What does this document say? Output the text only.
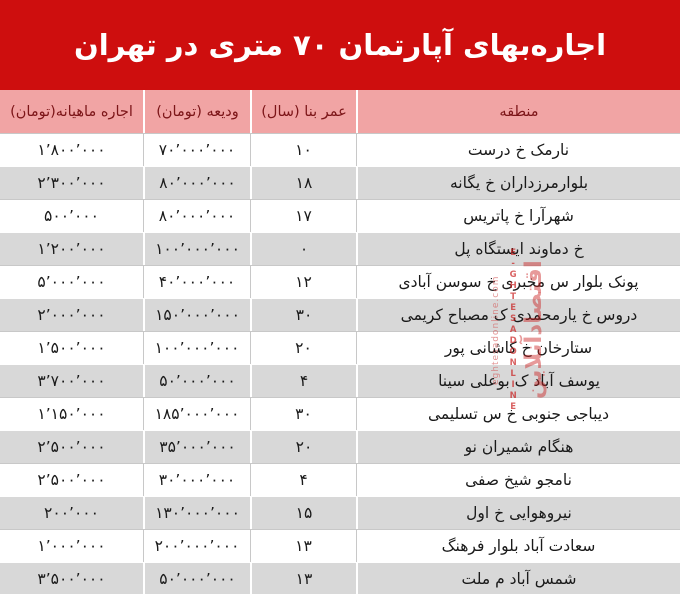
اجاره‌بهای آپارتمان ۷۰ متری در تهران
منطقه	عمر بنا (سال)	ودیعه (تومان)	اجاره ماهیانه(تومان)
نارمک خ درست	۱۰	۷۰٬۰۰۰٬۰۰۰	۱٬۸۰۰٬۰۰۰
بلوارمرزداران خ یگانه	۱۸	۸۰٬۰۰۰٬۰۰۰	۲٬۳۰۰٬۰۰۰
شهرآرا خ پاتریس	۱۷	۸۰٬۰۰۰٬۰۰۰	۵۰۰٬۰۰۰
خ دماوند ایستگاه پل	۰	۱۰۰٬۰۰۰٬۰۰۰	۱٬۲۰۰٬۰۰۰
پونک بلوار س مخبری خ سوسن آبادی	۱۲	۴۰٬۰۰۰٬۰۰۰	۵٬۰۰۰٬۰۰۰
دروس خ یارمحمدی ک مصباح کریمی	۳۰	۱۵۰٬۰۰۰٬۰۰۰	۲٬۰۰۰٬۰۰۰
ستارخان خ کاشانی پور	۲۰	۱۰۰٬۰۰۰٬۰۰۰	۱٬۵۰۰٬۰۰۰
یوسف آباد ک بوعلی سینا	۴	۵۰٬۰۰۰٬۰۰۰	۳٬۷۰۰٬۰۰۰
دیباجی جنوبی خ س تسلیمی	۳۰	۱۸۵٬۰۰۰٬۰۰۰	۱٬۱۵۰٬۰۰۰
هنگام شمیران نو	۲۰	۳۵٬۰۰۰٬۰۰۰	۲٬۵۰۰٬۰۰۰
نامجو شیخ صفی	۴	۳۰٬۰۰۰٬۰۰۰	۲٬۵۰۰٬۰۰۰
نیروهوایی خ اول	۱۵	۱۳۰٬۰۰۰٬۰۰۰	۲۰۰٬۰۰۰
سعادت آباد بلوار فرهنگ	۱۳	۲۰۰٬۰۰۰٬۰۰۰	۱٬۰۰۰٬۰۰۰
شمس آباد م ملت	۱۳	۵۰٬۰۰۰٬۰۰۰	۳٬۵۰۰٬۰۰۰
اقتصادآنلاین
E-GHTESADONLINE
eghtesadonline.com
